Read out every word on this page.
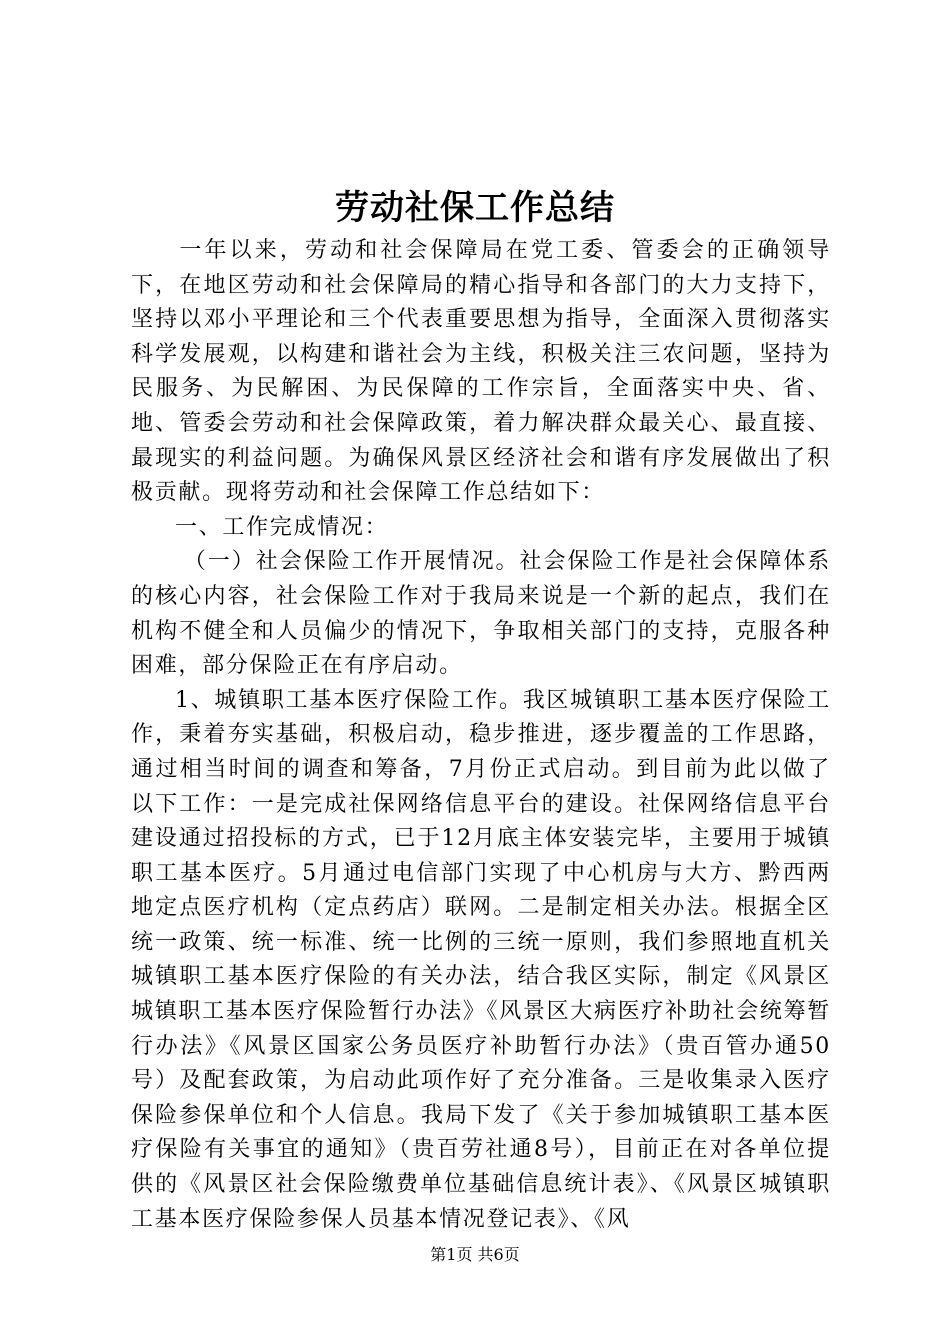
劳动社保工作总结

一年以来，劳动和社会保障局在党工委、管委会的正确领导下，在地区劳动和社会保障局的精心指导和各部门的大力支持下，坚持以邓小平理论和三个代表重要思想为指导，全面深入贯彻落实科学发展观，以构建和谐社会为主线，积极关注三农问题，坚持为民服务、为民解困、为民保障的工作宗旨，全面落实中央、省、地、管委会劳动和社会保障政策，着力解决群众最关心、最直接、最现实的利益问题。为确保风景区经济社会和谐有序发展做出了积极贡献。现将劳动和社会保障工作总结如下：

一、工作完成情况：

（一）社会保险工作开展情况。社会保险工作是社会保障体系的核心内容，社会保险工作对于我局来说是一个新的起点，我们在机构不健全和人员偏少的情况下，争取相关部门的支持，克服各种困难，部分保险正在有序启动。

1、城镇职工基本医疗保险工作。我区城镇职工基本医疗保险工作，秉着夯实基础，积极启动，稳步推进，逐步覆盖的工作思路，通过相当时间的调查和筹备，7月份正式启动。到目前为此以做了以下工作：一是完成社保网络信息平台的建设。社保网络信息平台建设通过招投标的方式，已于12月底主体安装完毕，主要用于城镇职工基本医疗。5月通过电信部门实现了中心机房与大方、黔西两地定点医疗机构（定点药店）联网。二是制定相关办法。根据全区统一政策、统一标准、统一比例的三统一原则，我们参照地直机关城镇职工基本医疗保险的有关办法，结合我区实际，制定《风景区城镇职工基本医疗保险暂行办法》《风景区大病医疗补助社会统筹暂行办法》《风景区国家公务员医疗补助暂行办法》（贵百管办通50号）及配套政策，为启动此项作好了充分准备。三是收集录入医疗保险参保单位和个人信息。我局下发了《关于参加城镇职工基本医疗保险有关事宜的通知》（贵百劳社通8号），目前正在对各单位提供的《风景区社会保险缴费单位基础信息统计表》、《风景区城镇职工基本医疗保险参保人员基本情况登记表》、《风

第1页 共6页
